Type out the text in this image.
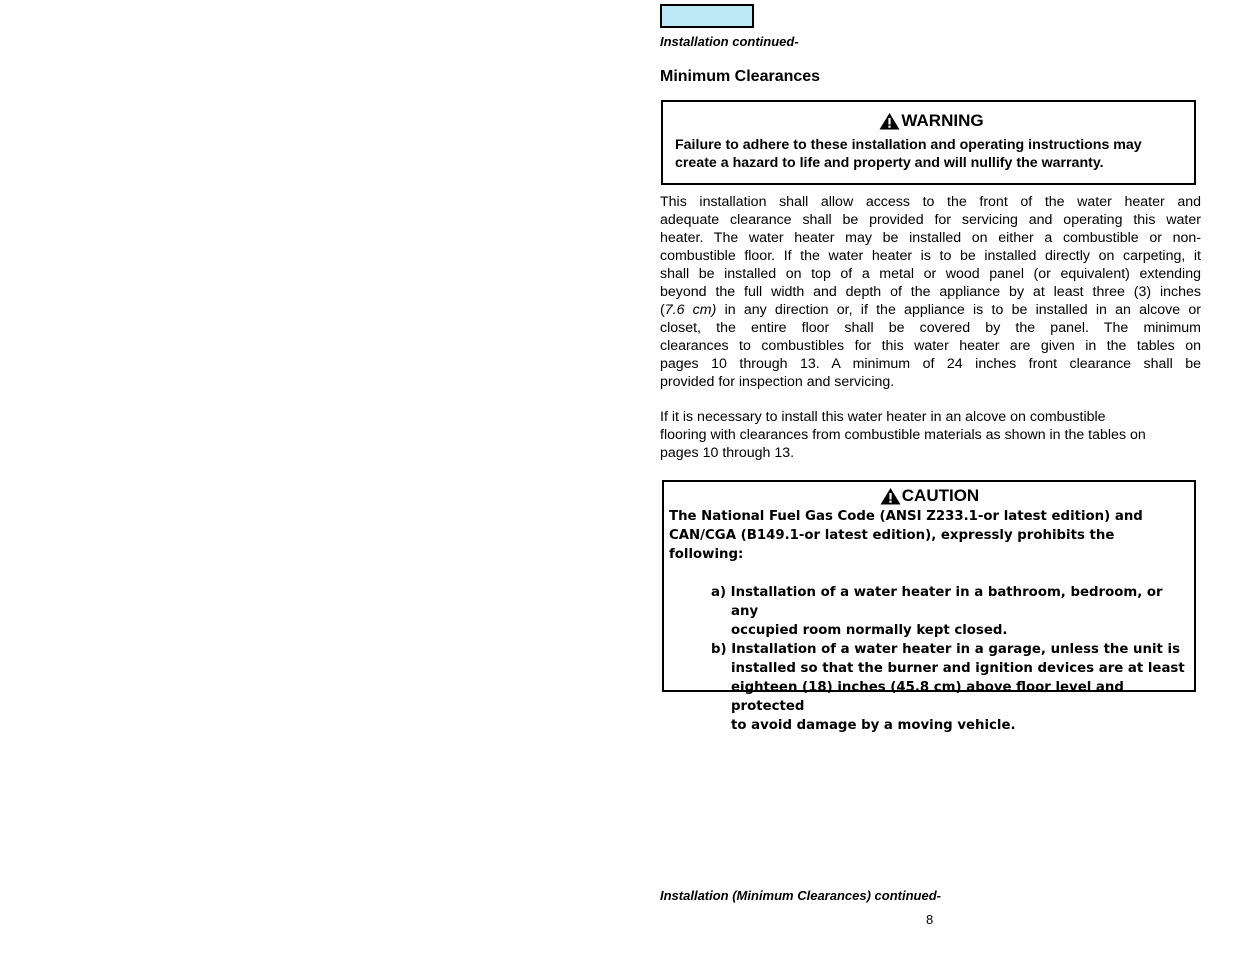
Installation continued-
Minimum Clearances
WARNING
Failure to adhere to these installation and operating instructions may
create a hazard to life and property and will nullify the warranty.

This installation shall allow access to the front of the water heater and
adequate clearance shall be provided for servicing and operating this water
heater. The water heater may be installed on either a combustible or non-
combustible floor. If the water heater is to be installed directly on carpeting, it
shall be installed on top of a metal or wood panel (or equivalent) extending
beyond the full width and depth of the appliance by at least three (3) inches
(7.6 cm) in any direction or, if the appliance is to be installed in an alcove or
closet, the entire floor shall be covered by the panel. The minimum
clearances to combustibles for this water heater are given in the tables on
pages 10 through 13. A minimum of 24 inches front clearance shall be
provided for inspection and servicing.

If it is necessary to install this water heater in an alcove on combustible
flooring with clearances from combustible materials as shown in the tables on
pages 10 through 13.

CAUTION
The National Fuel Gas Code (ANSI Z233.1-or latest edition) and
CAN/CGA (B149.1-or latest edition), expressly prohibits the following:
a) Installation of a water heater in a bathroom, bedroom, or any
occupied room normally kept closed.
b) Installation of a water heater in a garage, unless the unit is
installed so that the burner and ignition devices are at least
eighteen (18) inches (45.8 cm) above floor level and protected
to avoid damage by a moving vehicle.
Installation (Minimum Clearances) continued-
8
